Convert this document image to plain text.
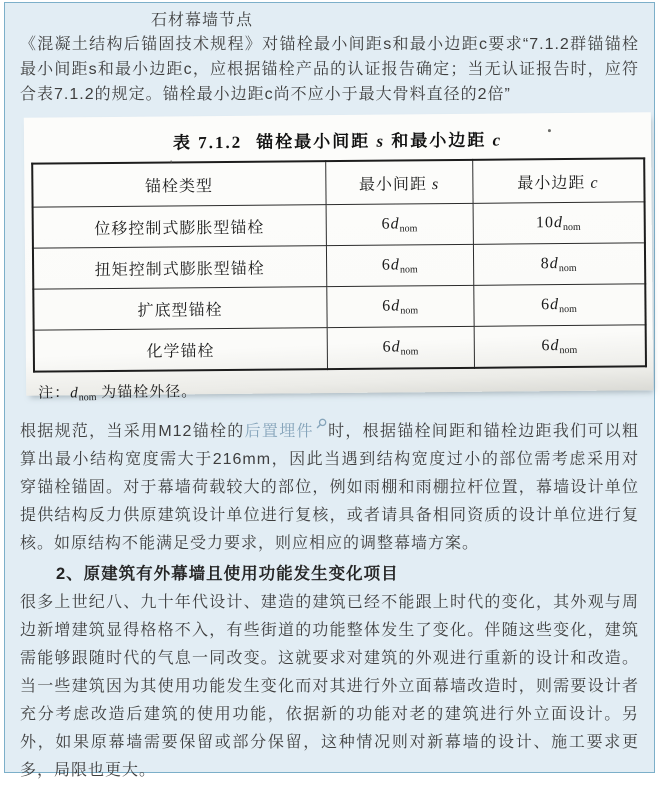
石材幕墙节点

《混凝土结构后锚固技术规程》对锚栓最小间距s和最小边距c要求“7.1.2群锚锚栓最小间距s和最小边距c，应根据锚栓产品的认证报告确定；当无认证报告时，应符合表7.1.2的规定。锚栓最小边距c尚不应小于最大骨料直径的2倍”

表 7.1.2 锚栓最小间距 s 和最小边距 c
锚栓类型	最小间距 s	最小边距 c
位移控制式膨胀型锚栓	$6d_{nom}$	$10d_{nom}$
扭矩控制式膨胀型锚栓	$6d_{nom}$	$8d_{nom}$
扩底型锚栓	$6d_{nom}$	$6d_{nom}$
化学锚栓	$6d_{nom}$	$6d_{nom}$
注：$d_{nom}$ 为锚栓外径。

根据规范，当采用M12锚栓的后置埋件 时，根据锚栓间距和锚栓边距我们可以粗算出最小结构宽度需大于216mm，因此当遇到结构宽度过小的部位需考虑采用对穿锚栓锚固。对于幕墙荷载较大的部位，例如雨棚和雨棚拉杆位置，幕墙设计单位提供结构反力供原建筑设计单位进行复核，或者请具备相同资质的设计单位进行复核。如原结构不能满足受力要求，则应相应的调整幕墙方案。

2、原建筑有外幕墙且使用功能发生变化项目

很多上世纪八、九十年代设计、建造的建筑已经不能跟上时代的变化，其外观与周边新增建筑显得格格不入，有些街道的功能整体发生了变化。伴随这些变化，建筑需能够跟随时代的气息一同改变。这就要求对建筑的外观进行重新的设计和改造。当一些建筑因为其使用功能发生变化而对其进行外立面幕墙改造时，则需要设计者充分考虑改造后建筑的使用功能，依据新的功能对老的建筑进行外立面设计。另外，如果原幕墙需要保留或部分保留，这种情况则对新幕墙的设计、施工要求更多，局限也更大。
